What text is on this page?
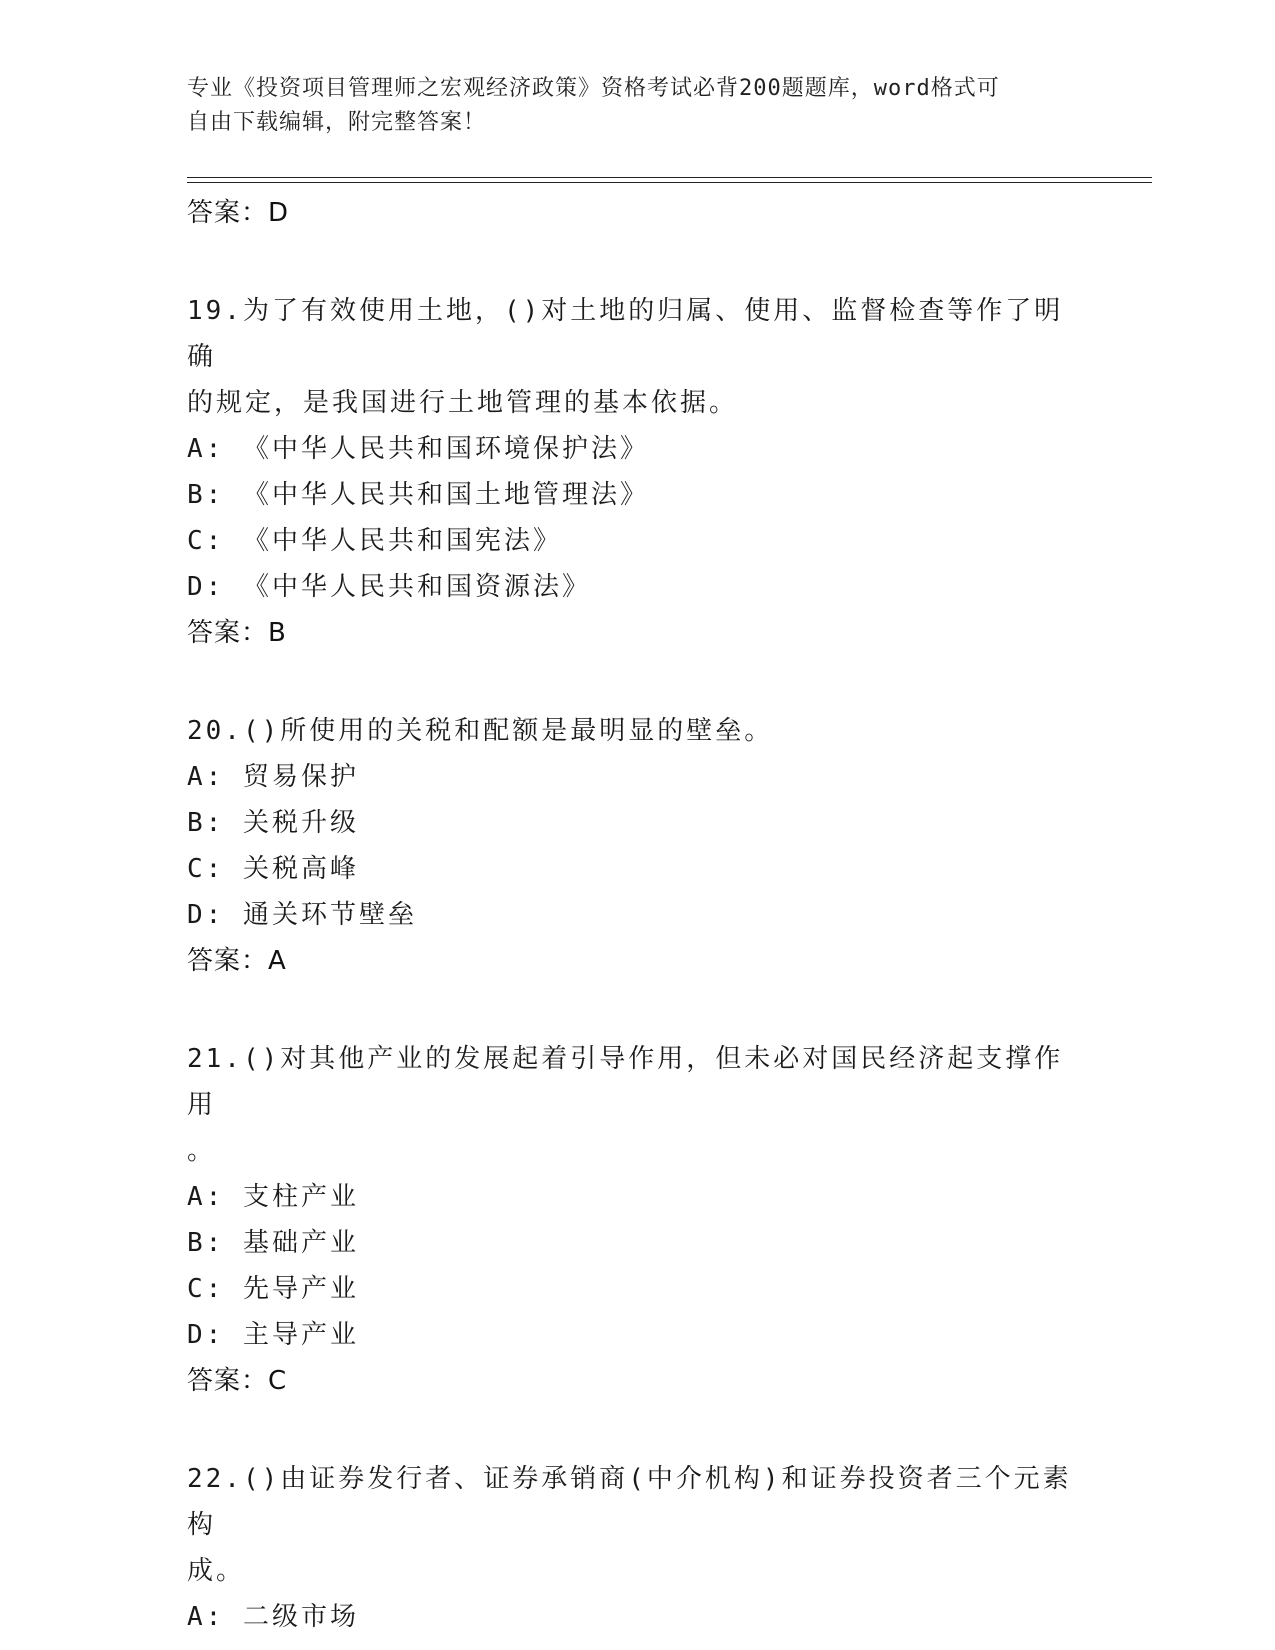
专业《投资项目管理师之宏观经济政策》资格考试必背200题题库，word格式可
自由下载编辑，附完整答案！
答案：D
19.为了有效使用土地，()对土地的归属、使用、监督检查等作了明确
的规定，是我国进行土地管理的基本依据。
A: 《中华人民共和国环境保护法》
B: 《中华人民共和国土地管理法》
C: 《中华人民共和国宪法》
D: 《中华人民共和国资源法》
答案：B
20.()所使用的关税和配额是最明显的壁垒。
A: 贸易保护
B: 关税升级
C: 关税高峰
D: 通关环节壁垒
答案：A
21.()对其他产业的发展起着引导作用，但未必对国民经济起支撑作用
。
A: 支柱产业
B: 基础产业
C: 先导产业
D: 主导产业
答案：C
22.()由证券发行者、证券承销商(中介机构)和证券投资者三个元素构
成。
A: 二级市场
